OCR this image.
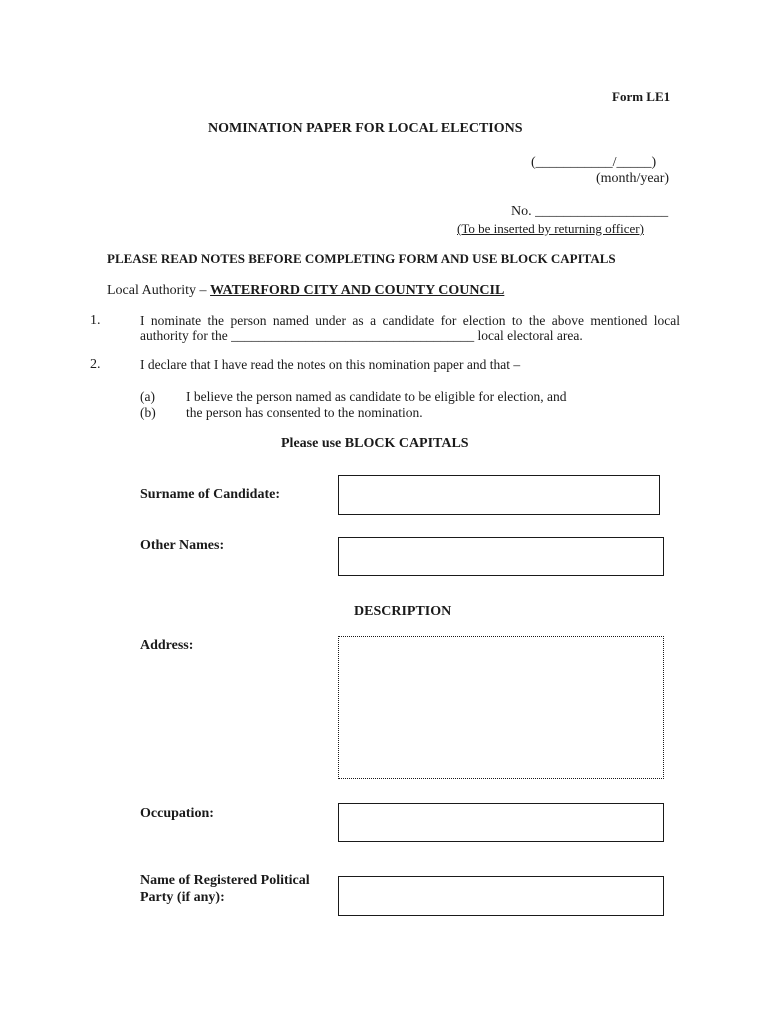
Form LE1
NOMINATION PAPER FOR LOCAL ELECTIONS
(___________/_____)
(month/year)
No. ___________________
(To be inserted by returning officer)
PLEASE READ NOTES BEFORE COMPLETING FORM AND USE BLOCK CAPITALS
Local Authority – WATERFORD CITY AND COUNTY COUNCIL
1.	I nominate the person named under as a candidate for election to the above mentioned local
authority for the ____________________________________ local electoral area.
2.	I declare that I have read the notes on this nomination paper and that –
(a) I believe the person named as candidate to be eligible for election, and
(b) the person has consented to the nomination.
Please use BLOCK CAPITALS
Surname of Candidate:
Other Names:
DESCRIPTION
Address:
Occupation:
Name of Registered Political
Party (if any):
